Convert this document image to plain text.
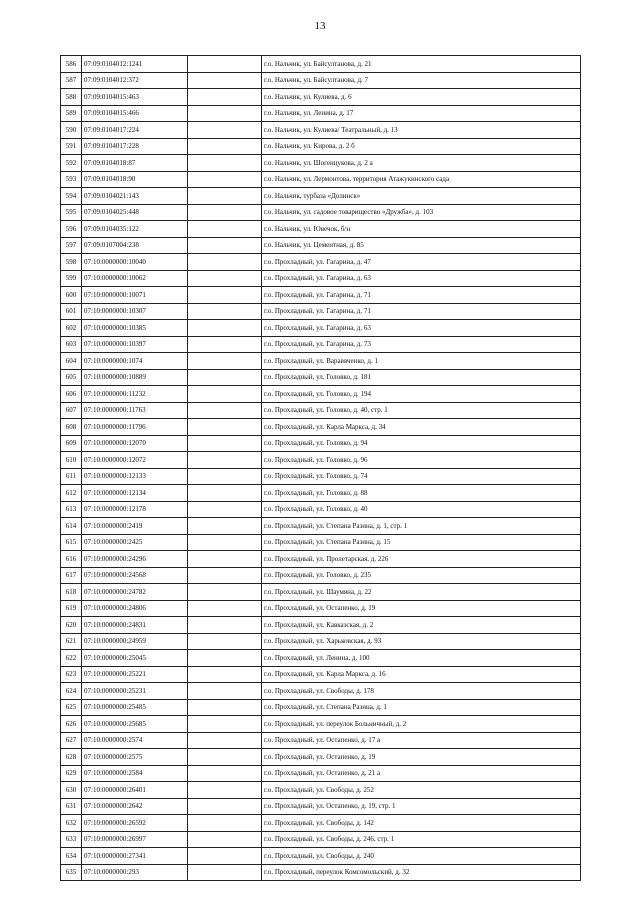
13
586	07:09:0104012:1241		г.о. Нальчик, ул. Байсултанова, д. 21
587	07:09:0104012:372		г.о. Нальчик, ул. Байсултанова, д. 7
588	07:09:0104015:463		г.о. Нальчик, ул. Кулиева, д. 6
589	07:09:0104015:466		г.о. Нальчик, ул. Ленина, д. 17
590	07:09:0104017:224		г.о. Нальчик, ул. Кулиева/ Театральный, д. 13
591	07:09:0104017:228		г.о. Нальчик, ул. Кирова, д. 2 б
592	07:09:0104018:87		г.о. Нальчик, ул. Шогенцукова, д. 2 а
593	07:09:0104018:90		г.о. Нальчик, ул. Лермонтова, территория Атажукинского сада
594	07:09:0104021:143		г.о. Нальчик, турбаза «Долинск»
595	07:09:0104025:448		г.о. Нальчик, ул. садовое товарищество «Дружба», д. 103
596	07:09:0104035:122		г.о. Нальчик, ул. Ювечок, б/н
597	07:09:0107004:238		г.о. Нальчик, ул. Цементная, д. 85
598	07:10:0000000:10040		г.о. Прохладный, ул. Гагарина, д. 47
599	07:10:0000000:10062		г.о. Прохладный, ул. Гагарина, д. 63
600	07:10:0000000:10071		г.о. Прохладный, ул. Гагарина, д. 71
601	07:10:0000000:10307		г.о. Прохладный, ул. Гагарина, д. 71
602	07:10:0000000:10385		г.о. Прохладный, ул. Гагарина, д. 63
603	07:10:0000000:10397		г.о. Прохладный, ул. Гагарина, д. 73
604	07:10:0000000:1074		г.о. Прохладный, ул. Вараввченко, д. 1
605	07:10:0000000:10889		г.о. Прохладный, ул. Головко, д. 181
606	07:10:0000000:11232		г.о. Прохладный, ул. Головко, д. 194
607	07:10:0000000:11763		г.о. Прохладный, ул. Головко, д. 40, стр. 1
608	07:10:0000000:11796		г.о. Прохладный, ул. Карла Маркса, д. 34
609	07:10:0000000:12070		г.о. Прохладный, ул. Головко, д. 94
610	07:10:0000000:12072		г.о. Прохладный, ул. Головко, д. 96
611	07:10:0000000:12133		г.о. Прохладный, ул. Головко, д. 74
612	07:10:0000000:12134		г.о. Прохладный, ул. Головко, д. 88
613	07:10:0000000:12178		г.о. Прохладный, ул. Головко, д. 40
614	07:10:0000000:2419		г.о. Прохладный, ул. Степана Разина, д. 1, стр. 1
615	07:10:0000000:2425		г.о. Прохладный, ул. Степана Разина, д. 15
616	07:10:0000000:24296		г.о. Прохладный, ул. Пролетарская, д. 226
617	07:10:0000000:24568		г.о. Прохладный, ул. Головко, д. 235
618	07:10:0000000:24782		г.о. Прохладный, ул. Шаумяна, д. 22
619	07:10:0000000:24806		г.о. Прохладный, ул. Остапенко, д. 19
620	07:10:0000000:24831		г.о. Прохладный, ул. Кавказская, д. 2
621	07:10:0000000:24959		г.о. Прохладный, ул. Харьковская, д. 93
622	07:10:0000000:25045		г.о. Прохладный, ул. Ленина, д. 100
623	07:10:0000000:25221		г.о. Прохладный, ул. Карла Маркса, д. 16
624	07:10:0000000:25231		г.о. Прохладный, ул. Свободы, д. 178
625	07:10:0000000:25485		г.о. Прохладный, ул. Степана Разина, д. 1
626	07:10:0000000:25685		г.о. Прохладный, ул. переулок Больничный, д. 2
627	07:10:0000000:2574		г.о. Прохладный, ул. Остапенко, д. 17 а
628	07:10:0000000:2575		г.о. Прохладный, ул. Остапенко, д. 19
629	07:10:0000000:2584		г.о. Прохладный, ул. Остапенко, д. 21 а
630	07:10:0000000:26401		г.о. Прохладный, ул. Свободы, д. 252
631	07:10:0000000:2642		г.о. Прохладный, ул. Остапенко, д. 19, стр. 1
632	07:10:0000000:26592		г.о. Прохладный, ул. Свободы, д. 142
633	07:10:0000000:26997		г.о. Прохладный, ул. Свободы, д. 246, стр. 1
634	07:10:0000000:27341		г.о. Прохладный, ул. Свободы, д. 240
635	07:10:0000000:293		г.о. Прохладный, переулок Комсомольский, д. 32
